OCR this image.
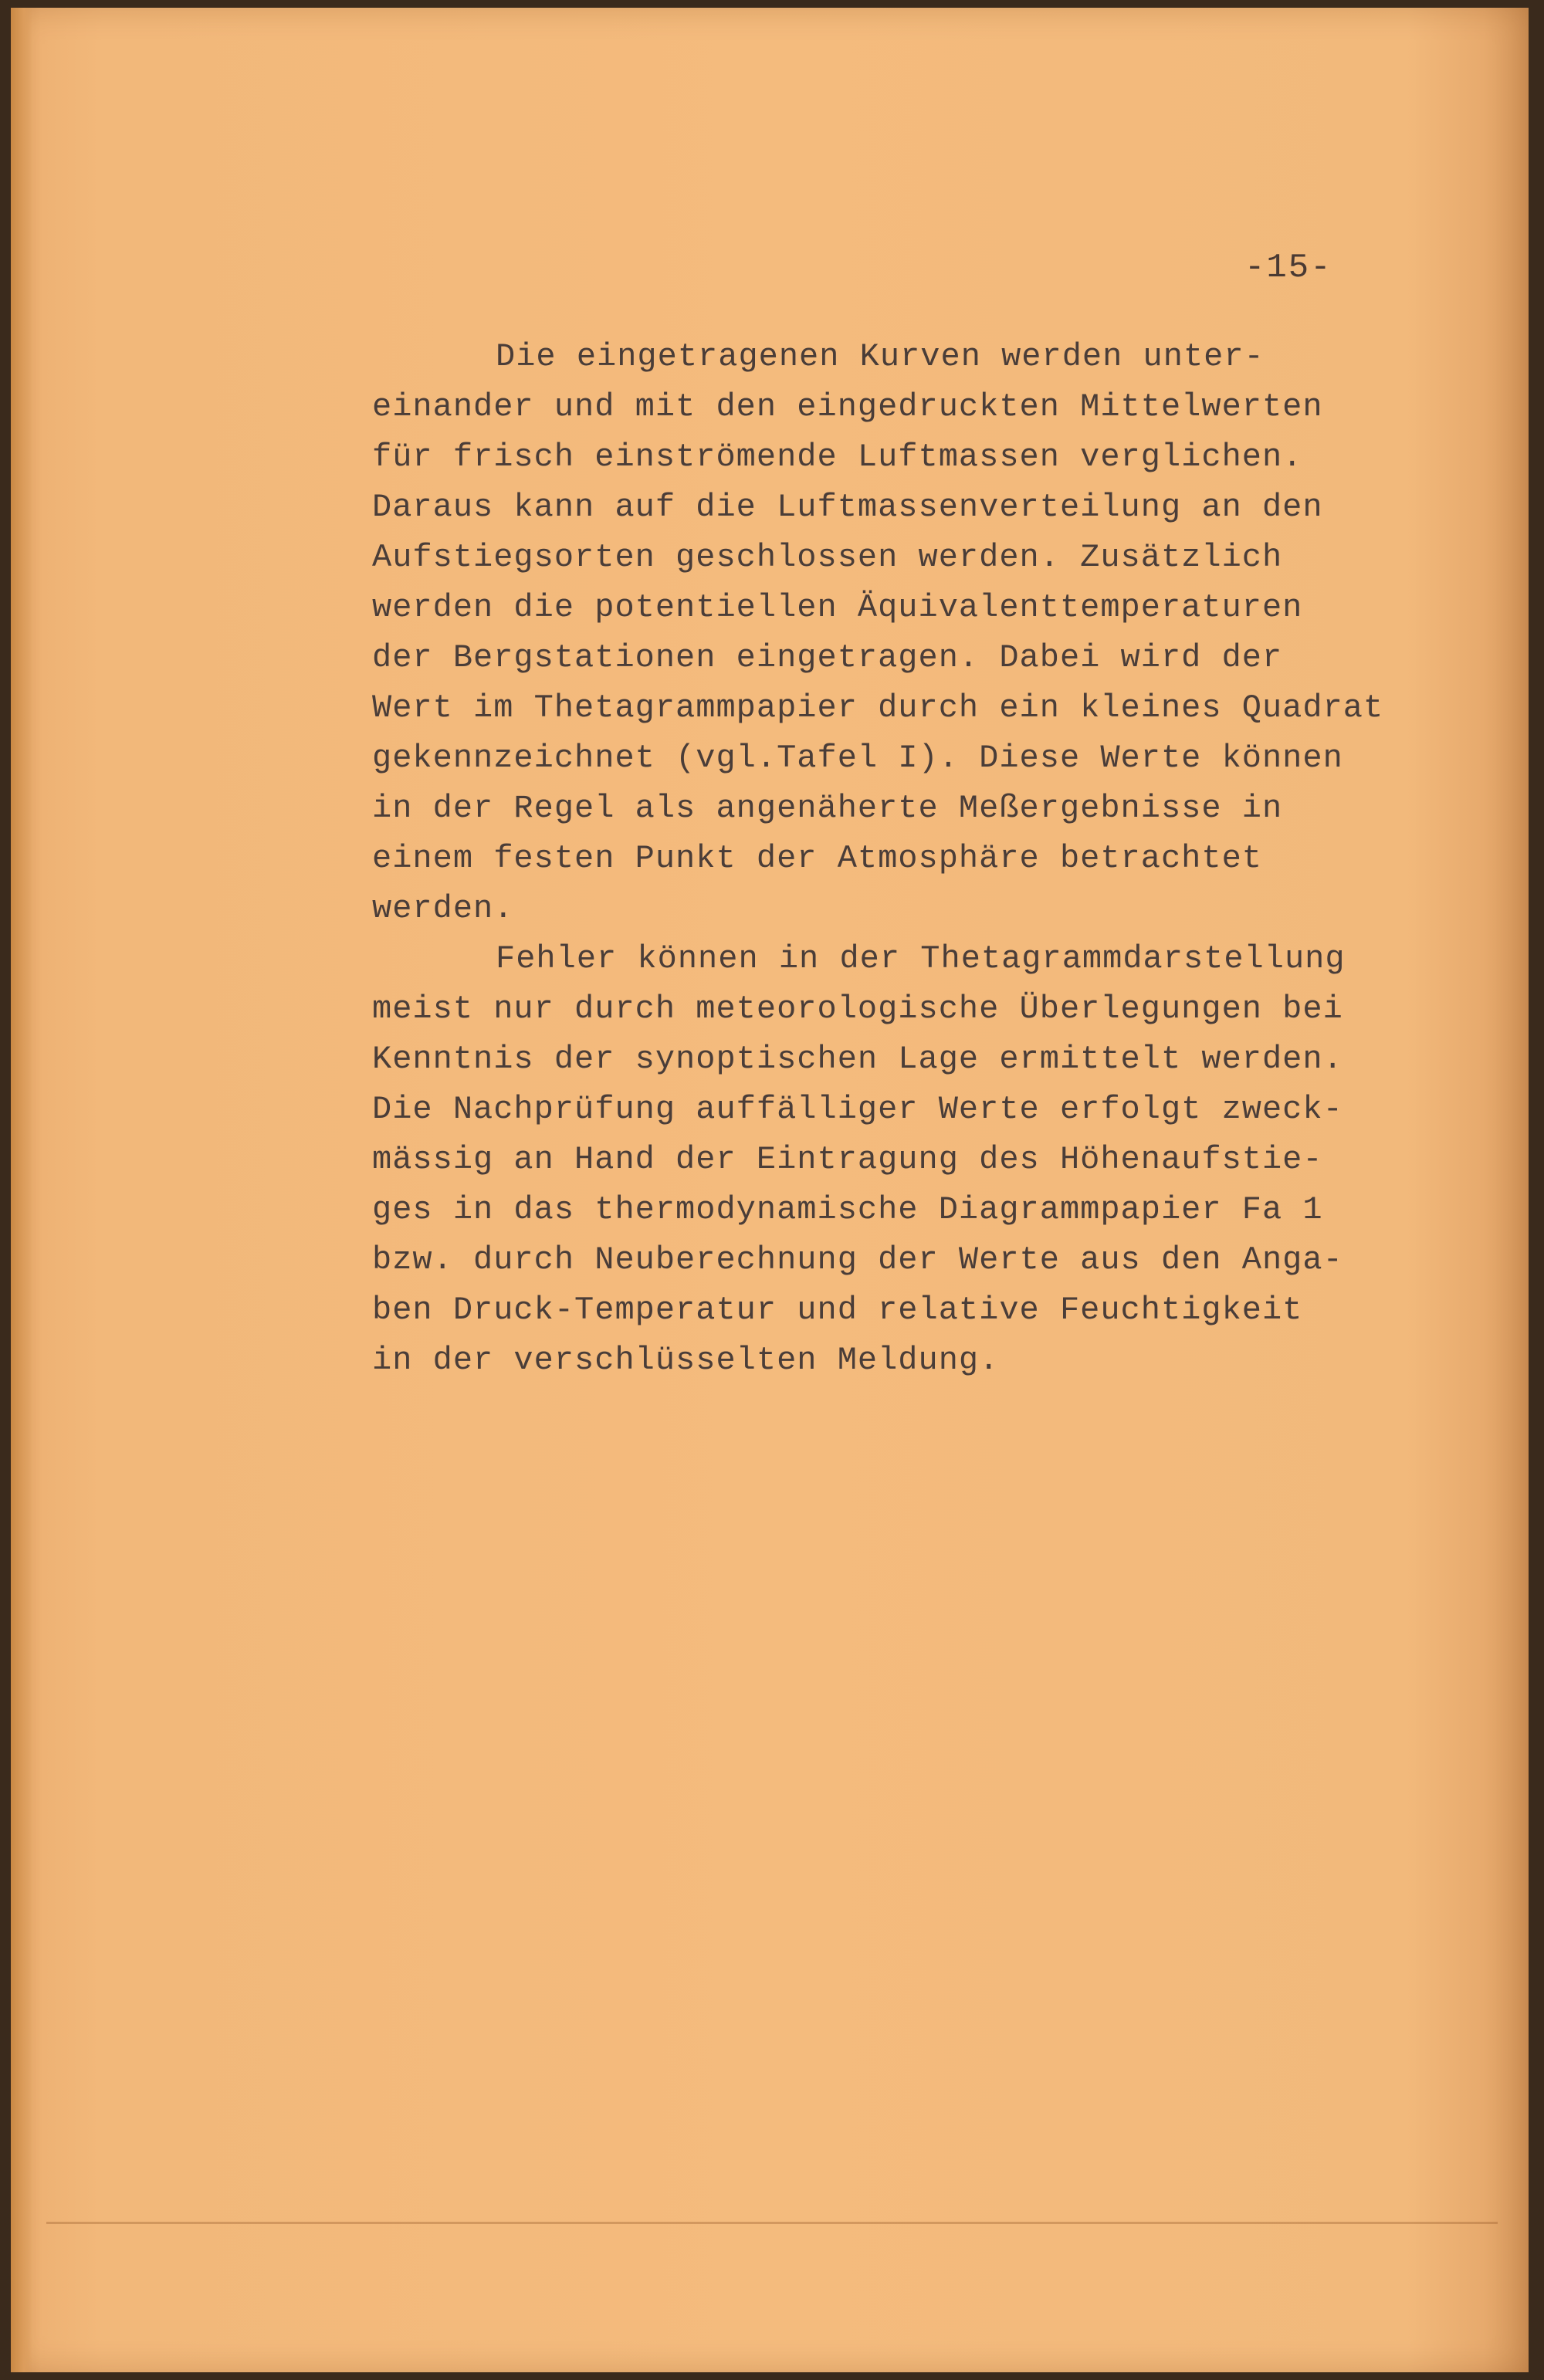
-15-
Die eingetragenen Kurven werden unter-
einander und mit den eingedruckten Mittelwerten
für frisch einströmende Luftmassen verglichen.
Daraus kann auf die Luftmassenverteilung an den
Aufstiegsorten geschlossen werden. Zusätzlich
werden die potentiellen Äquivalenttemperaturen
der Bergstationen eingetragen. Dabei wird der
Wert im Thetagrammpapier durch ein kleines Quadrat
gekennzeichnet (vgl.Tafel I). Diese Werte können
in der Regel als angenäherte Meßergebnisse in
einem festen Punkt der Atmosphäre betrachtet
werden.
Fehler können in der Thetagrammdarstellung
meist nur durch meteorologische Überlegungen bei
Kenntnis der synoptischen Lage ermittelt werden.
Die Nachprüfung auffälliger Werte erfolgt zweck-
mässig an Hand der Eintragung des Höhenaufstie-
ges in das thermodynamische Diagrammpapier Fa 1
bzw. durch Neuberechnung der Werte aus den Anga-
ben Druck-Temperatur und relative Feuchtigkeit
in der verschlüsselten Meldung.
